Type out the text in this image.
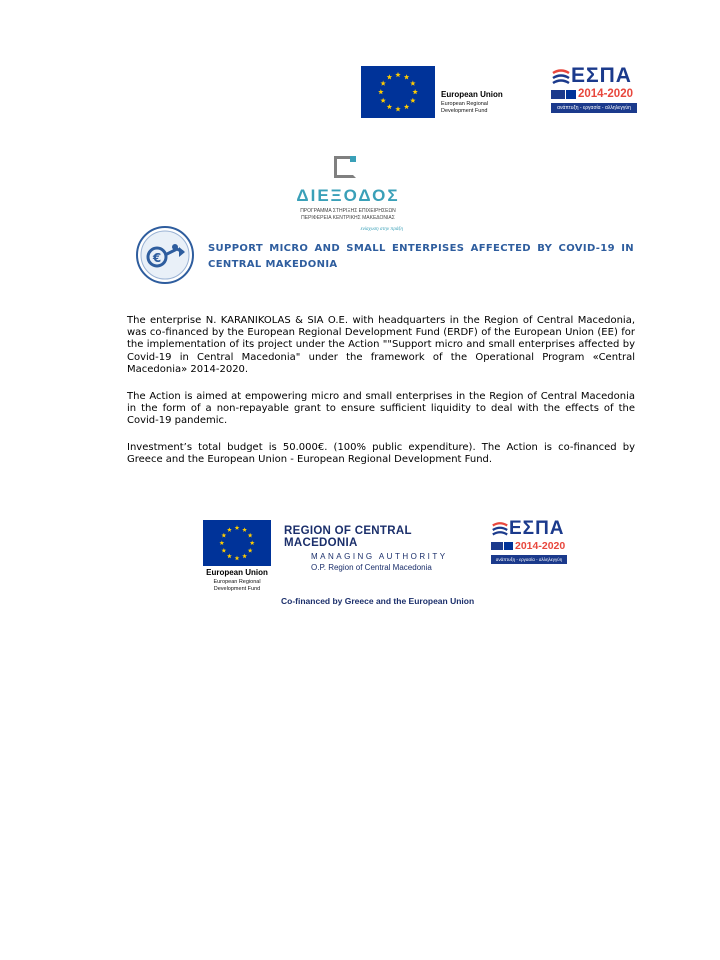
European Union
European Regional
Development Fund
ΕΣΠΑ
2014-2020
ανάπτυξη - εργασία - αλληλεγγύη
ΔΙΕΞΟΔΟΣ
ΠΡΟΓΡΑΜΜΑ ΣΤΗΡΙΞΗΣ ΕΠΙΧΕΙΡΗΣΕΩΝ
ΠΕΡΙΦΕΡΕΙΑ ΚΕΝΤΡΙΚΗΣ ΜΑΚΕΔΟΝΙΑΣ
ενίσχυση στην πράξη
€
SUPPORT MICRO AND SMALL ENTERPISES AFFECTED BY COVID-19 IN CENTRAL MAKEDONIA
The enterprise N. KARANIKOLAS & SIA O.E. with headquarters in the Region of Central Macedonia, was co-financed by the European Regional Development Fund (ERDF) of the European Union (EE) for the implementation of its project under the Action ""Support micro and small enterprises affected by Covid-19 in Central Macedonia" under the framework of the Operational Program «Central Macedonia» 2014-2020.
The Action is aimed at empowering micro and small enterprises in the Region of Central Macedonia in the form of a non-repayable grant to ensure sufficient liquidity to deal with the effects of the Covid-19 pandemic.
Investment’s total budget is 50.000€. (100% public expenditure). The Action is co-financed by Greece and the European Union - European Regional Development Fund.
European Union
European Regional
Development Fund
REGION OF CENTRAL MACEDONIA
MANAGING AUTHORITY
O.P. Region of Central Macedonia
ΕΣΠΑ
2014-2020
ανάπτυξη - εργασία - αλληλεγγύη
Co-financed by Greece and the European Union
